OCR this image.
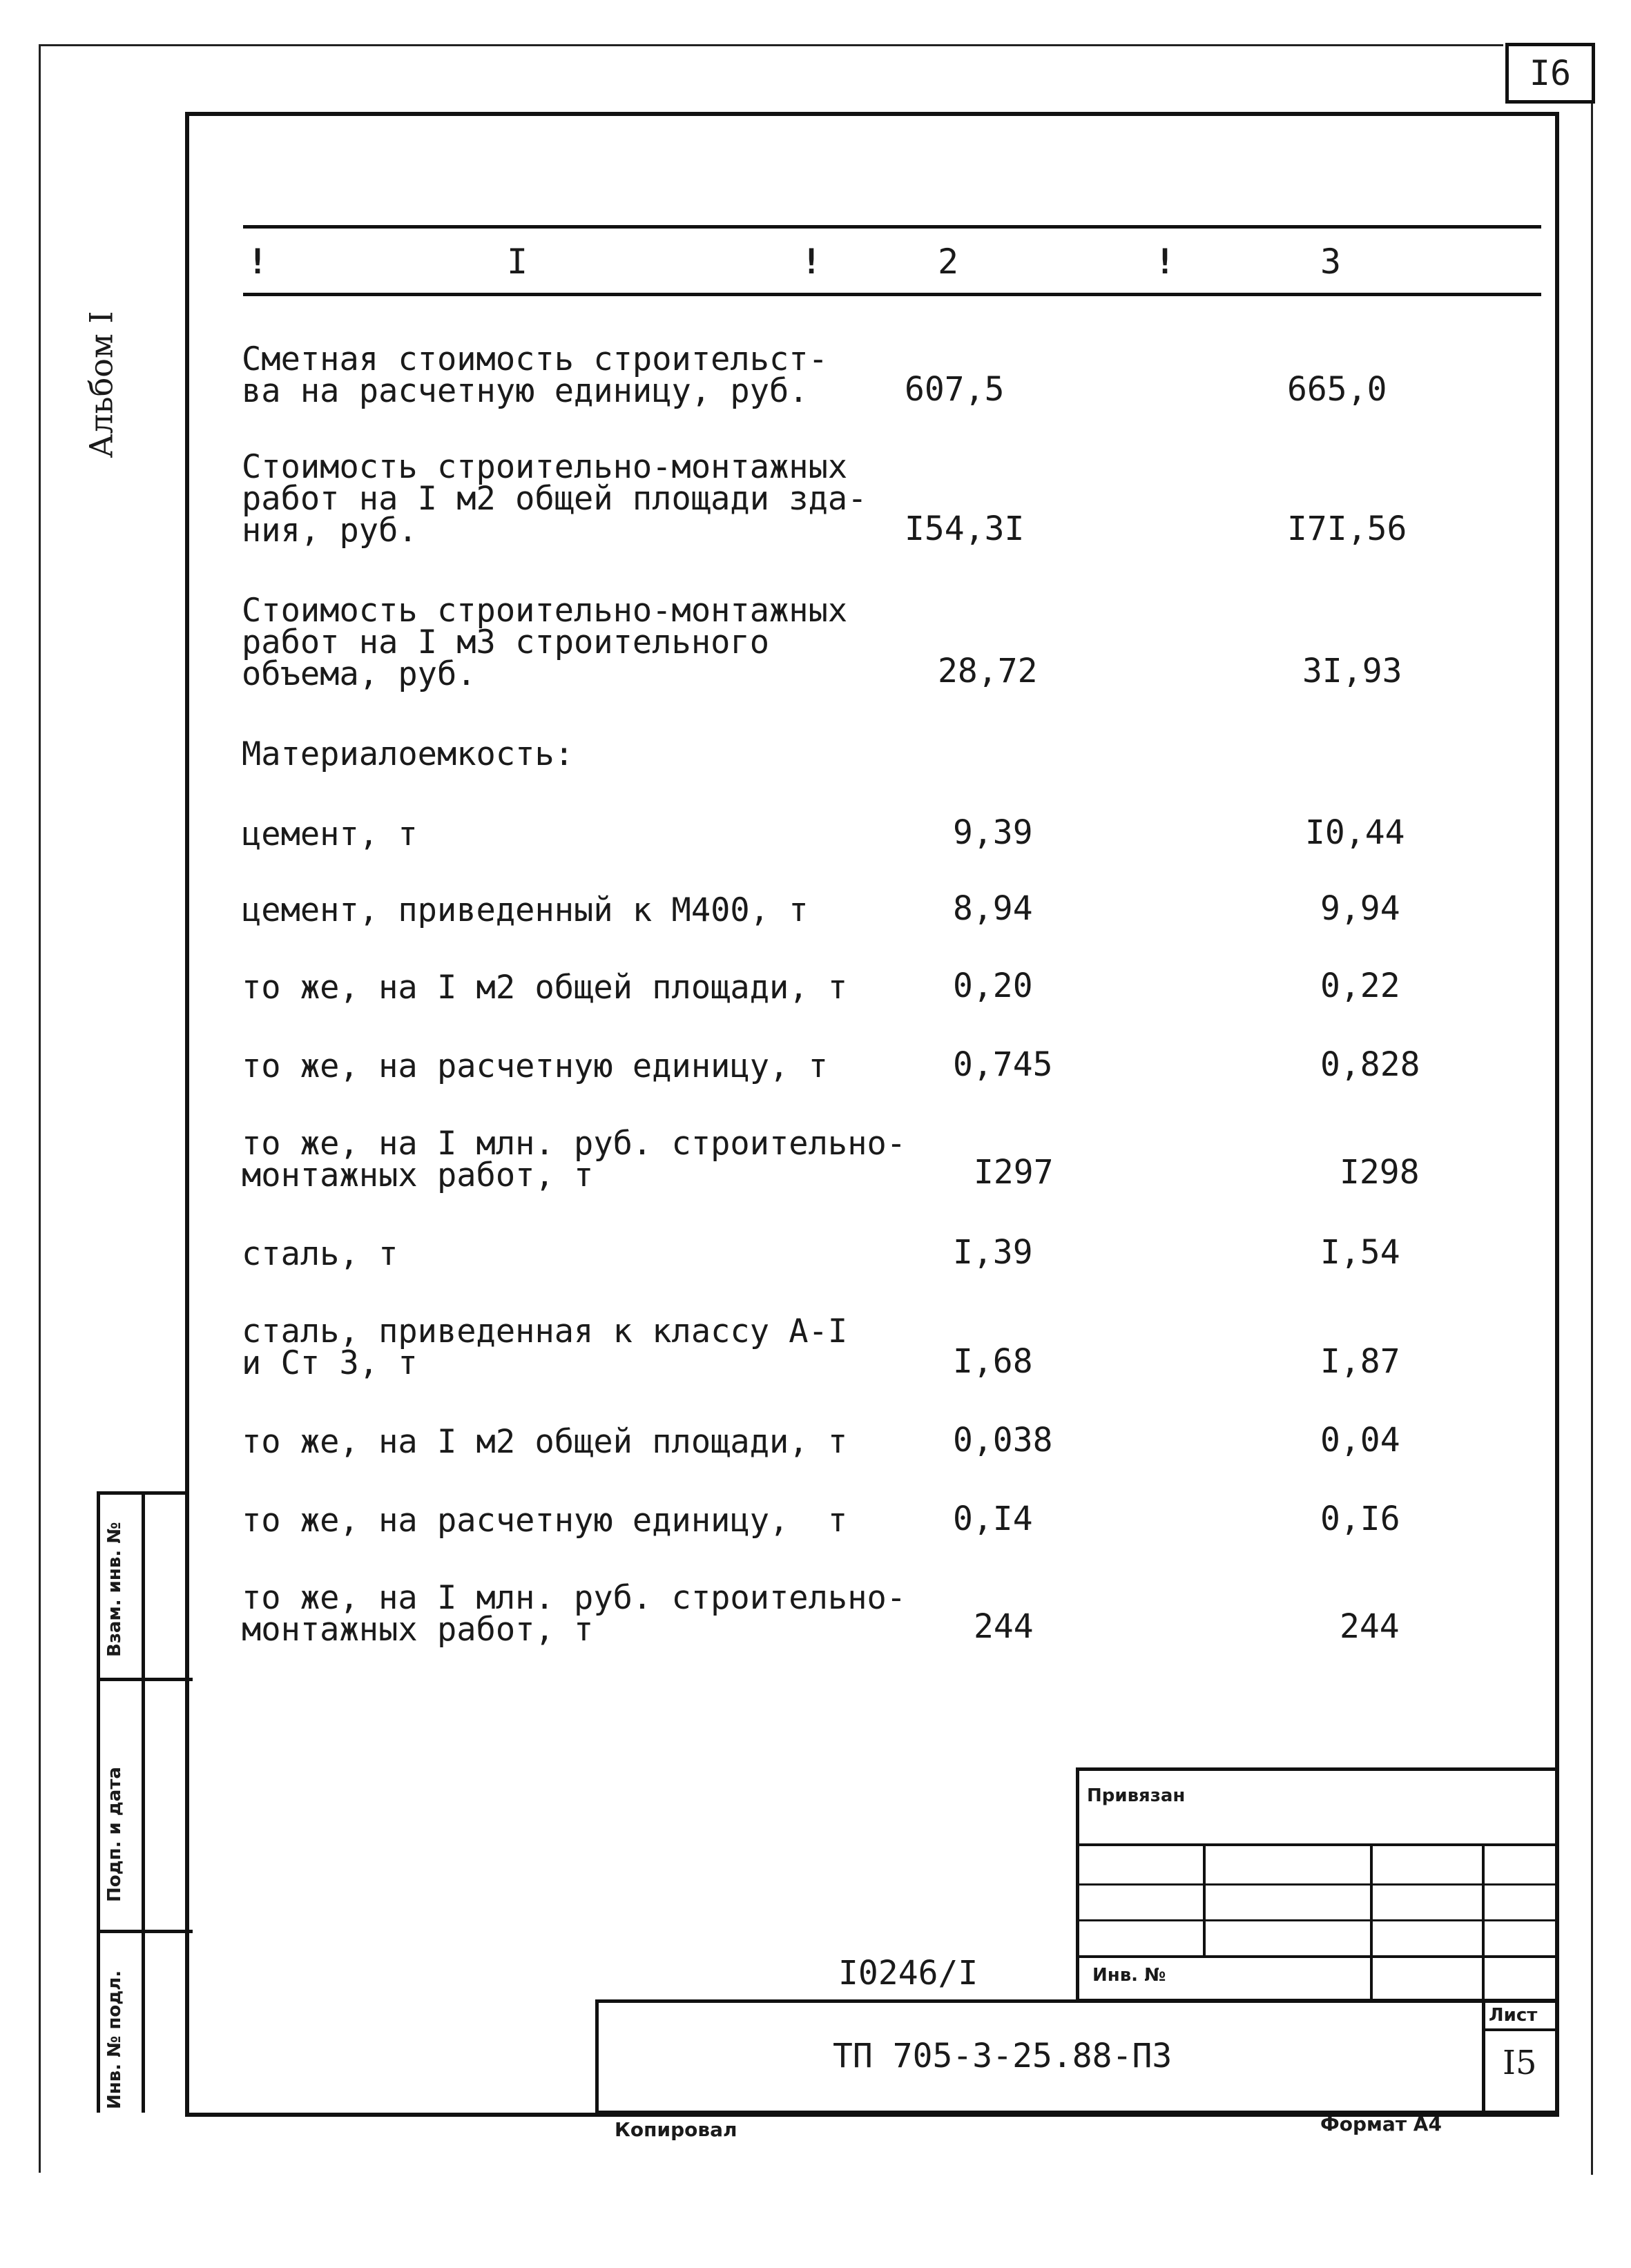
I6
Альбом I
Взам. инв. №
Подп. и дата
Инв. № подл.
!	I	!	2	!	3
Сметная стоимость строительст-
ва на расчетную единицу, руб.	607,5	665,0
Стоимость строительно-монтажных
работ на I м2 общей площади зда-
ния, руб.	I54,3I	I7I,56
Стоимость строительно-монтажных
работ на I м3 строительного
объема, руб.	28,72	3I,93
Материалоемкость:
цемент, т	9,39	I0,44
цемент, приведенный к М400, т	8,94	9,94
то же, на I м2 общей площади, т	0,20	0,22
то же, на расчетную единицу, т	0,745	0,828
то же, на I млн. руб. строительно-
монтажных работ, т	I297	I298
сталь, т	I,39	I,54
сталь, приведенная к классу А-I
и Ст 3, т	I,68	I,87
то же, на I м2 общей площади, т	0,038	0,04
то же, на расчетную единицу,  т	0,I4	0,I6
то же, на I млн. руб. строительно-
монтажных работ, т	244	244
Привязан
Инв. №
I0246/I
Лист
I5
ТП 705-3-25.88-ПЗ
Копировал	Формат А4
